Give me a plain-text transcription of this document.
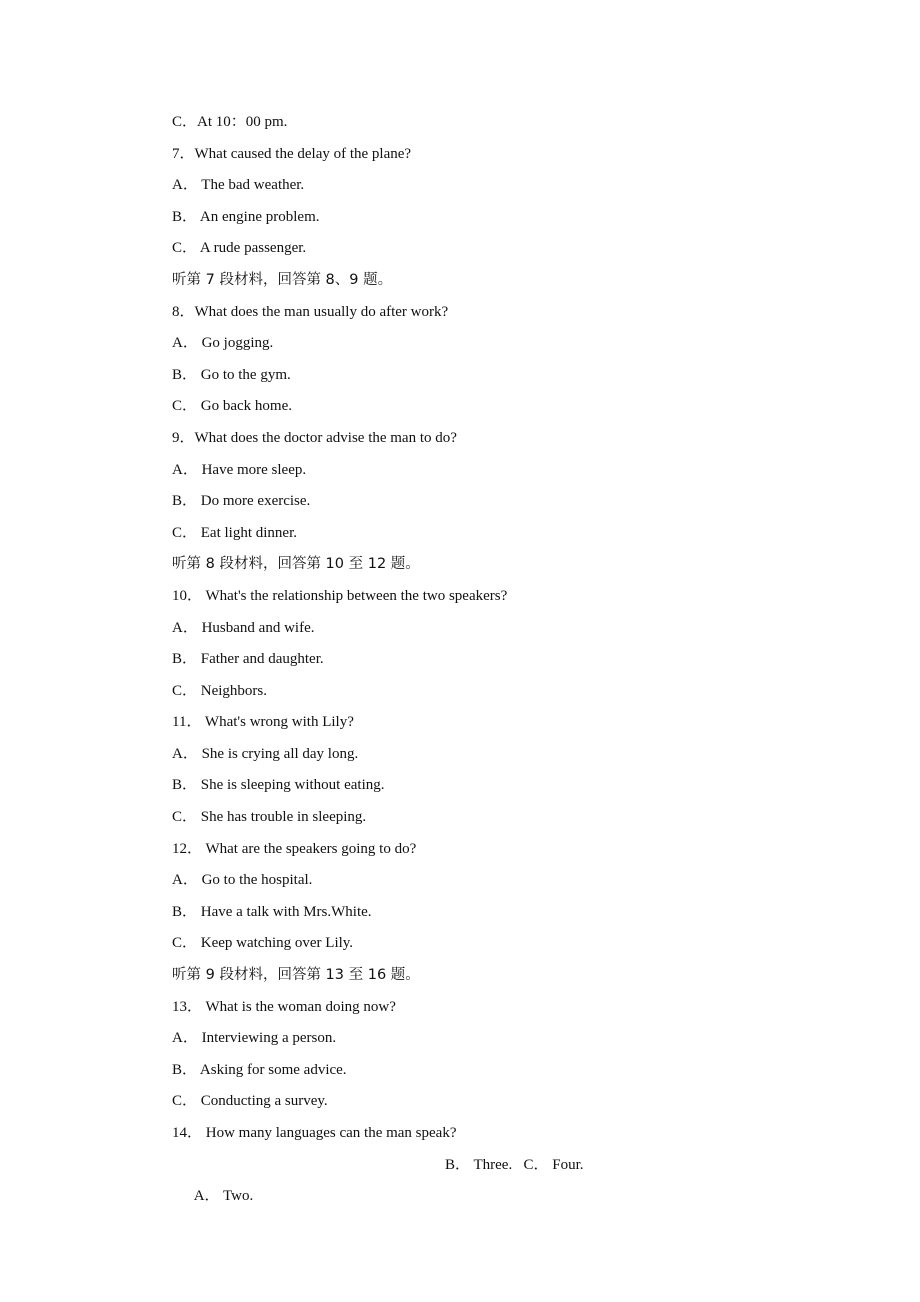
C．At 10：00 pm.
7．What caused the delay of the plane?
A． The bad weather.
B． An engine problem.
C． A rude passenger.
听第 7 段材料，回答第 8、9 题。
8．What does the man usually do after work?
A． Go jogging.
B． Go to the gym.
C． Go back home.
9．What does the doctor advise the man to do?
A． Have more sleep.
B． Do more exercise.
C． Eat light dinner.
听第 8 段材料，回答第 10 至 12 题。
10． What's the relationship between the two speakers?
A． Husband and wife.
B． Father and daughter.
C． Neighbors.
11． What's wrong with Lily?
A． She is crying all day long.
B． She is sleeping without eating.
C． She has trouble in sleeping.
12． What are the speakers going to do?
A． Go to the hospital.
B． Have a talk with Mrs.White.
C． Keep watching over Lily.
听第 9 段材料，回答第 13 至 16 题。
13． What is the woman doing now?
A． Interviewing a person.
B． Asking for some advice.
C． Conducting a survey.
14． How many languages can the man speak?

A． Two.

B． Three. C． Four.
